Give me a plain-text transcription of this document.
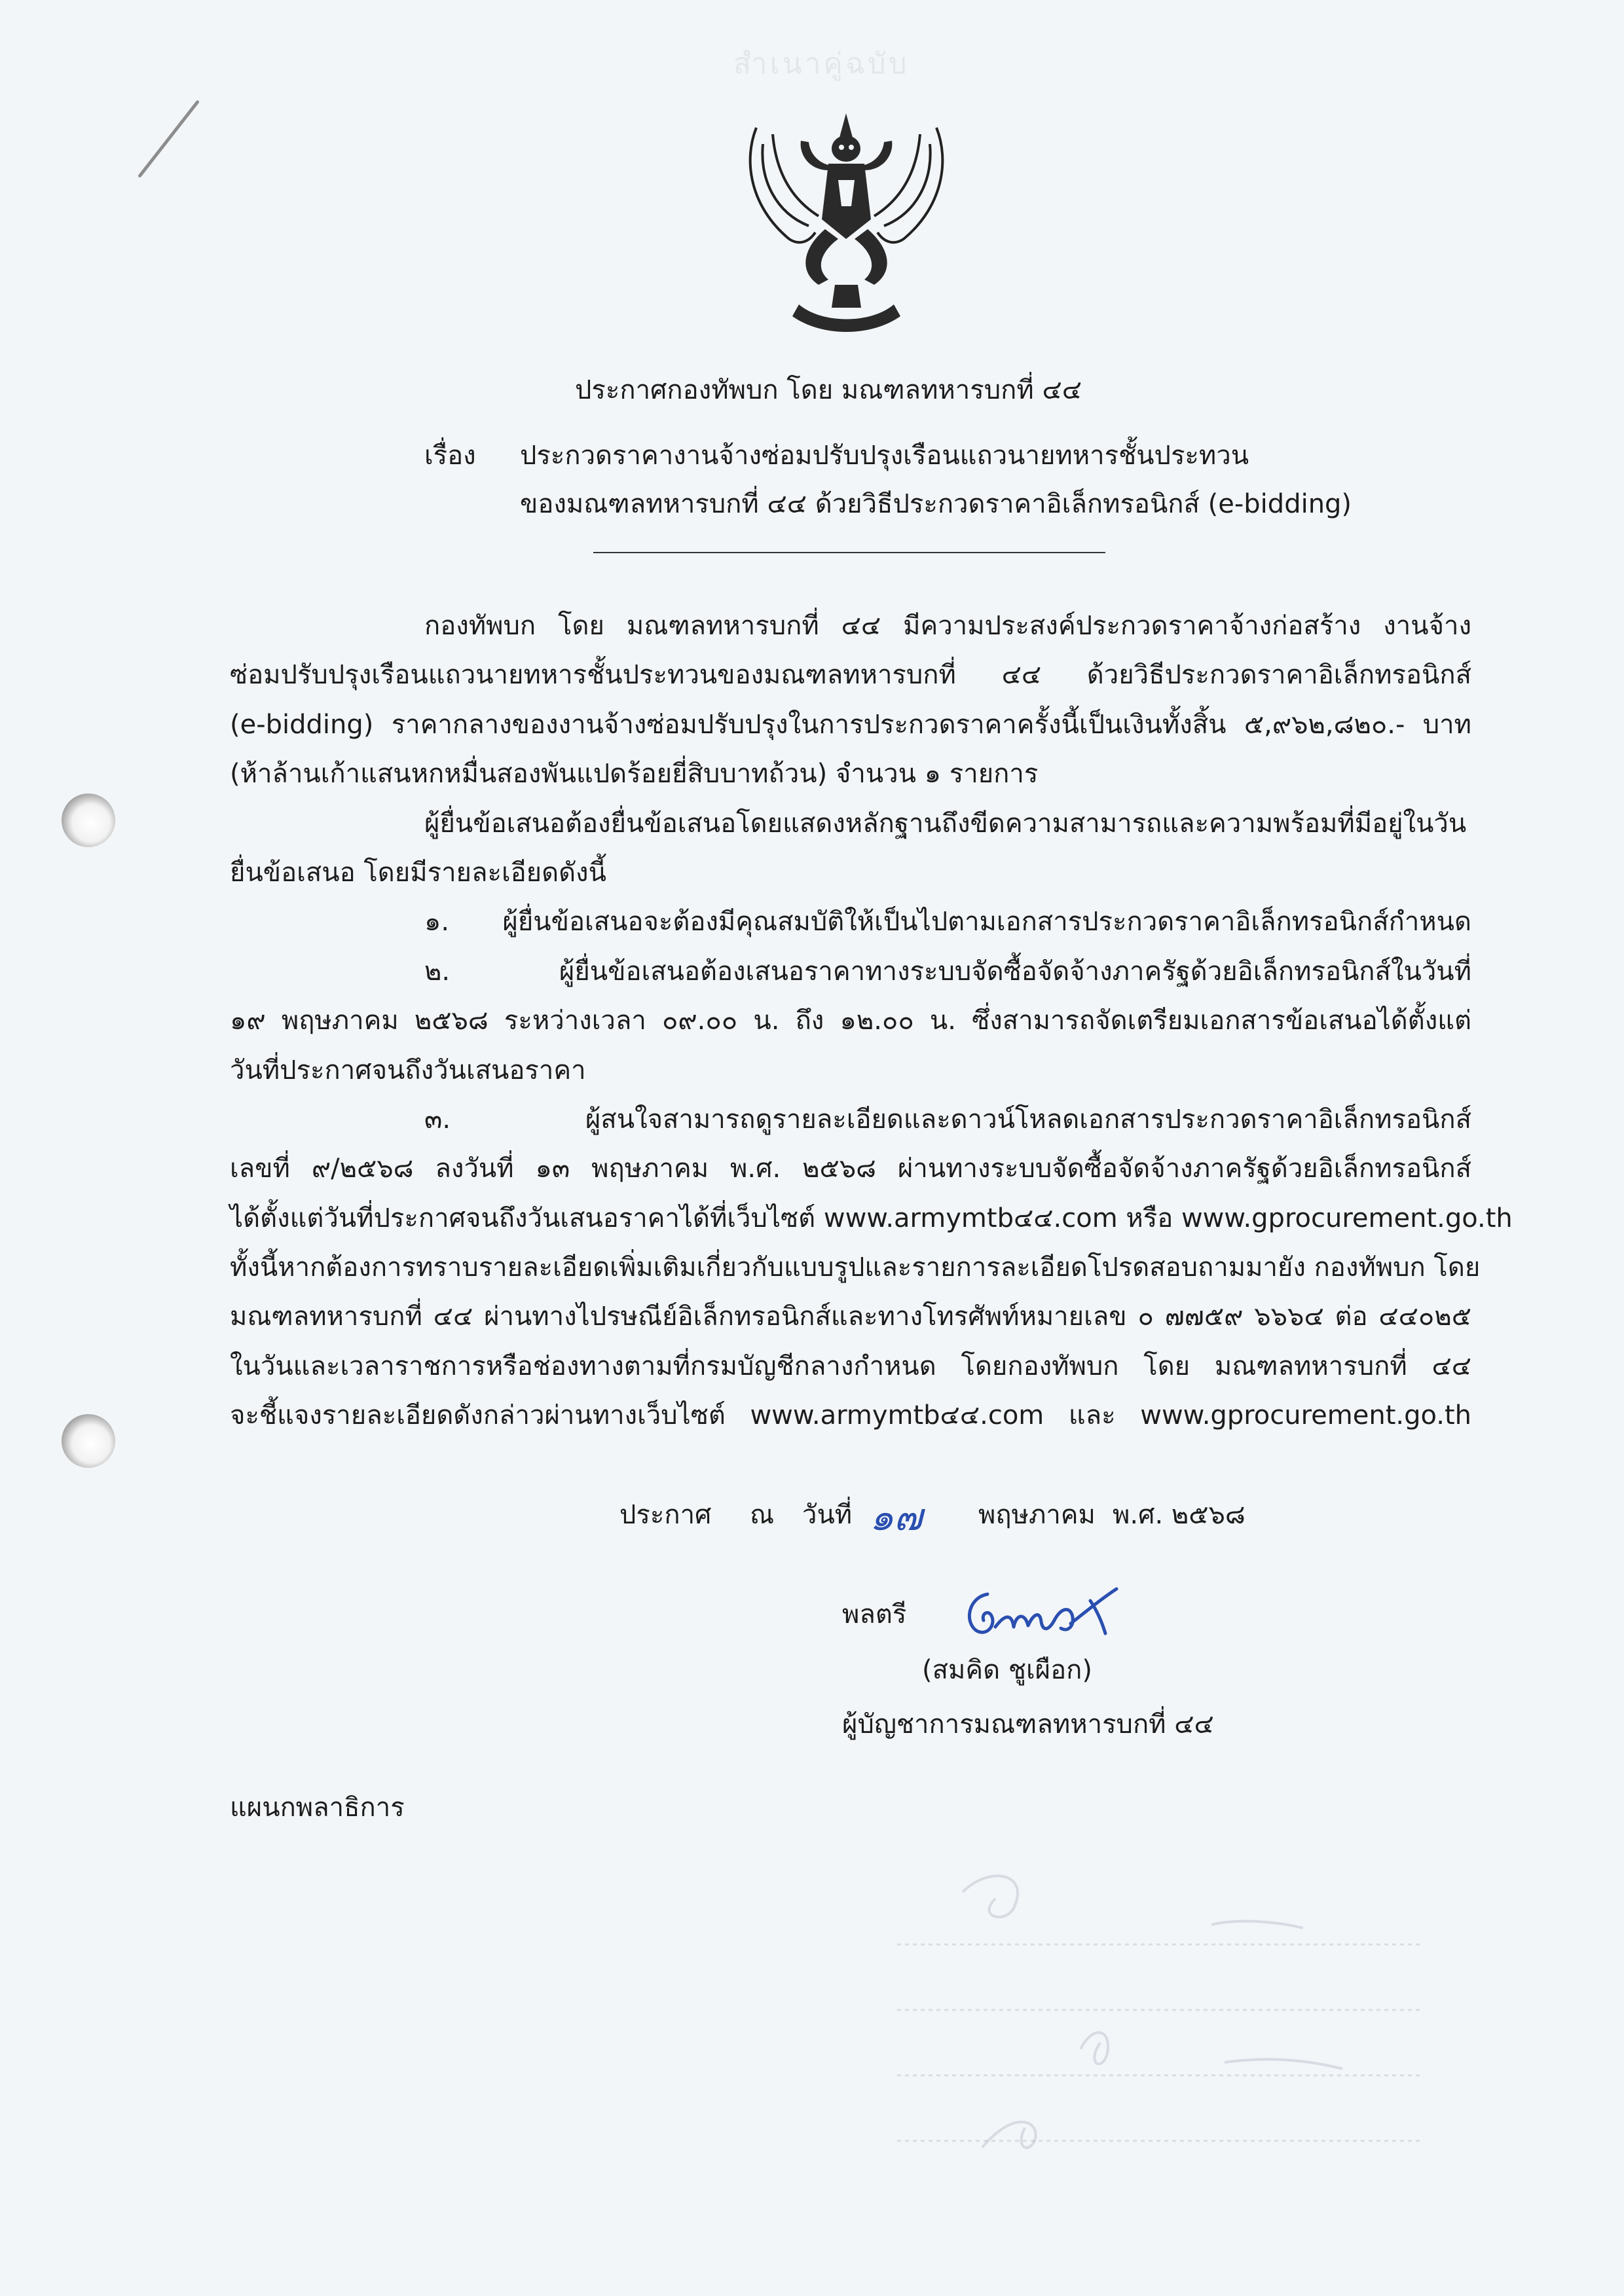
สำเนาคู่ฉบับ
ประกาศกองทัพบก โดย มณฑลทหารบกที่ ๔๔
เรื่อง ประกวดราคางานจ้างซ่อมปรับปรุงเรือนแถวนายทหารชั้นประทวน
ของมณฑลทหารบกที่ ๔๔ ด้วยวิธีประกวดราคาอิเล็กทรอนิกส์ (e-bidding)
กองทัพบก โดย มณฑลทหารบกที่ ๔๔ มีความประสงค์ประกวดราคาจ้างก่อสร้าง งานจ้าง
ซ่อมปรับปรุงเรือนแถวนายทหารชั้นประทวนของมณฑลทหารบกที่ ๔๔ ด้วยวิธีประกวดราคาอิเล็กทรอนิกส์
(e-bidding) ราคากลางของงานจ้างซ่อมปรับปรุงในการประกวดราคาครั้งนี้เป็นเงินทั้งสิ้น ๕,๙๖๒,๘๒๐.- บาท
(ห้าล้านเก้าแสนหกหมื่นสองพันแปดร้อยยี่สิบบาทถ้วน) จำนวน ๑ รายการ
ผู้ยื่นข้อเสนอต้องยื่นข้อเสนอโดยแสดงหลักฐานถึงขีดความสามารถและความพร้อมที่มีอยู่ในวัน
ยื่นข้อเสนอ โดยมีรายละเอียดดังนี้
๑. ผู้ยื่นข้อเสนอจะต้องมีคุณสมบัติให้เป็นไปตามเอกสารประกวดราคาอิเล็กทรอนิกส์กำหนด
๒. ผู้ยื่นข้อเสนอต้องเสนอราคาทางระบบจัดซื้อจัดจ้างภาครัฐด้วยอิเล็กทรอนิกส์ในวันที่
๑๙ พฤษภาคม ๒๕๖๘ ระหว่างเวลา ๐๙.๐๐ น. ถึง ๑๒.๐๐ น. ซึ่งสามารถจัดเตรียมเอกสารข้อเสนอได้ตั้งแต่
วันที่ประกาศจนถึงวันเสนอราคา
๓. ผู้สนใจสามารถดูรายละเอียดและดาวน์โหลดเอกสารประกวดราคาอิเล็กทรอนิกส์
เลขที่ ๙/๒๕๖๘ ลงวันที่ ๑๓ พฤษภาคม พ.ศ. ๒๕๖๘ ผ่านทางระบบจัดซื้อจัดจ้างภาครัฐด้วยอิเล็กทรอนิกส์
ได้ตั้งแต่วันที่ประกาศจนถึงวันเสนอราคาได้ที่เว็บไซต์ www.armymtb๔๔.com หรือ www.gprocurement.go.th
ทั้งนี้หากต้องการทราบรายละเอียดเพิ่มเติมเกี่ยวกับแบบรูปและรายการละเอียดโปรดสอบถามมายัง กองทัพบก โดย
มณฑลทหารบกที่ ๔๔ ผ่านทางไปรษณีย์อิเล็กทรอนิกส์และทางโทรศัพท์หมายเลข ๐ ๗๗๕๙ ๖๖๖๔ ต่อ ๔๔๐๒๕
ในวันและเวลาราชการหรือช่องทางตามที่กรมบัญชีกลางกำหนด โดยกองทัพบก โดย มณฑลทหารบกที่ ๔๔
จะชี้แจงรายละเอียดดังกล่าวผ่านทางเว็บไซต์ www.armymtb๔๔.com และ www.gprocurement.go.th
ประกาศ ณ วันที่ ๑๗ พฤษภาคม พ.ศ. ๒๕๖๘
พลตรี
(สมคิด ชูเผือก)
ผู้บัญชาการมณฑลทหารบกที่ ๔๔
แผนกพลาธิการ
